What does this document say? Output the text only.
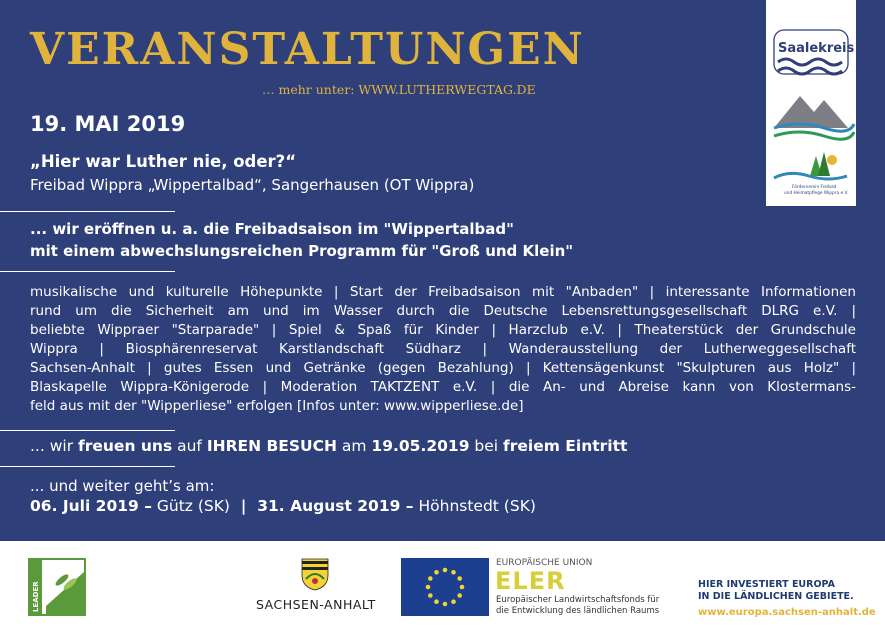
VERANSTALTUNGEN
… mehr unter: WWW.LUTHERWEGTAG.DE
19. MAI 2019
„Hier war Luther nie, oder?“
Freibad Wippra „Wippertalbad“, Sangerhausen (OT Wippra)
... wir eröffnen u. a. die Freibadsaison im "Wippertalbad"
mit einem abwechslungsreichen Programm für "Groß und Klein"

musikalische und kulturelle Höhepunkte | Start der Freibadsaison mit "Anbaden" | interessante Informationen
rund um die Sicherheit am und im Wasser durch die Deutsche Lebensrettungsgesellschaft DLRG e.V. |
beliebte Wippraer "Starparade" | Spiel & Spaß für Kinder | Harzclub e.V. | Theaterstück der Grundschule
Wippra | Biosphärenreservat Karstlandschaft Südharz | Wanderausstellung der Lutherweggesellschaft
Sachsen-Anhalt | gutes Essen und Getränke (gegen Bezahlung) | Kettensägenkunst "Skulpturen aus Holz" |
Blaskapelle Wippra-Königerode | Moderation TAKTZENT e.V. | die An- und Abreise kann von Klostermans-
feld aus mit der "Wipperliese" erfolgen [Infos unter: www.wipperliese.de]

... wir freuen uns auf IHREN BESUCH am 19.05.2019 bei freiem Eintritt
... und weiter geht’s am:
06. Juli 2019 – Gütz (SK)  |  31. August 2019 – Höhnstedt (SK)
Förderverein Freibad
und Heimatpflege Wippra e.V.
Saalekreis
LEADER	SACHSEN-ANHALT
EUROPÄISCHE UNION
ELER
Europäischer Landwirtschaftsfonds für
die Entwicklung des ländlichen Raums
HIER INVESTIERT EUROPA
IN DIE LÄNDLICHEN GEBIETE.
www.europa.sachsen-anhalt.de
